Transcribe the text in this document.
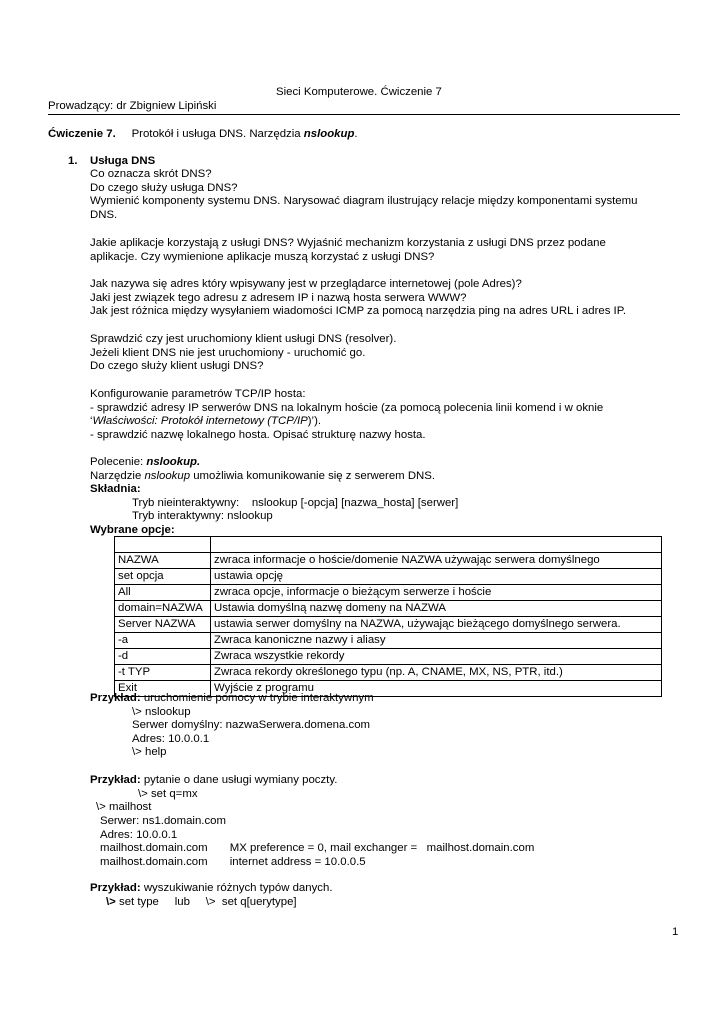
Sieci Komputerowe. Ćwiczenie 7
Prowadzący: dr Zbigniew Lipiński
Ćwiczenie 7. Protokół i usługa DNS. Narzędzia nslookup.
1. Usługa DNS

Co oznacza skrót DNS?

Do czego służy usługa DNS?

Wymienić komponenty systemu DNS. Narysować diagram ilustrujący relacje między komponentami systemu

DNS.

Jakie aplikacje korzystają z usługi DNS? Wyjaśnić mechanizm korzystania z usługi DNS przez podane

aplikacje. Czy wymienione aplikacje muszą korzystać z usługi DNS?

Jak nazywa się adres który wpisywany jest w przeglądarce internetowej (pole Adres)?

Jaki jest związek tego adresu z adresem IP i nazwą hosta serwera WWW?

Jak jest różnica między wysyłaniem wiadomości ICMP za pomocą narzędzia ping na adres URL i adres IP.

Sprawdzić czy jest uruchomiony klient usługi DNS (resolver).

Jeżeli klient DNS nie jest uruchomiony - uruchomić go.

Do czego służy klient usługi DNS?

Konfigurowanie parametrów TCP/IP hosta:

- sprawdzić adresy IP serwerów DNS na lokalnym hoście (za pomocą polecenia linii komend i w oknie

‘Właściwości: Protokół internetowy (TCP/IP)’).

- sprawdzić nazwę lokalnego hosta. Opisać strukturę nazwy hosta.

Polecenie: nslookup.

Narzędzie nslookup umożliwia komunikowanie się z serwerem DNS.

Składnia:

Tryb nieinteraktywny:    nslookup [-opcja] [nazwa_hosta] [serwer]

Tryb interaktywny: nslookup

Wybrane opcje:

NAZWA	zwraca informacje o hoście/domenie NAZWA używając serwera domyślnego
set opcja	ustawia opcję
All	zwraca opcje, informacje o bieżącym serwerze i hoście
domain=NAZWA	Ustawia domyślną nazwę domeny na NAZWA
Server NAZWA	ustawia serwer domyślny na NAZWA, używając bieżącego domyślnego serwera.
-a	Zwraca kanoniczne nazwy i aliasy
-d	Zwraca wszystkie rekordy
-t TYP	Zwraca rekordy określonego typu (np. A, CNAME, MX, NS, PTR, itd.)
Exit	Wyjście z programu

Przykład: uruchomienie pomocy w trybie interaktywnym

\> nslookup

Serwer domyślny: nazwaSerwera.domena.com

Adres: 10.0.0.1

\> help

Przykład: pytanie o dane usługi wymiany poczty.

\> set q=mx

\> mailhost
Serwer: ns1.domain.com
Adres: 10.0.0.1
mailhost.domain.com       MX preference = 0, mail exchanger =   mailhost.domain.com
mailhost.domain.com       internet address = 10.0.0.5

Przykład: wyszukiwanie różnych typów danych.

\> set type     lub     \>  set q[uerytype]
1
